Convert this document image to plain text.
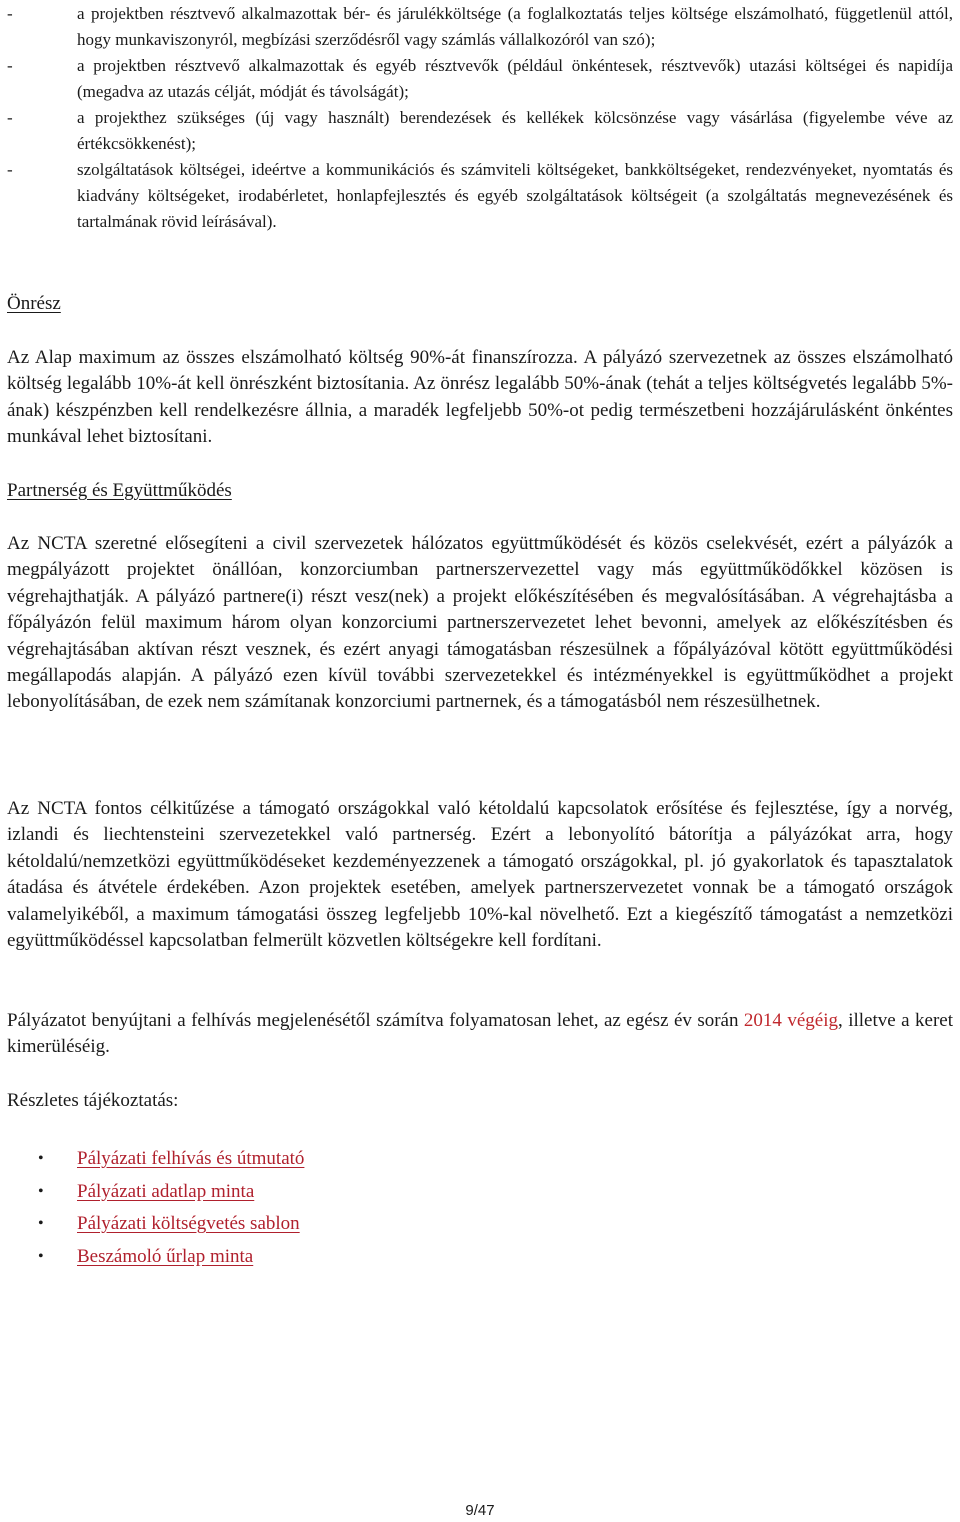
-	a projektben résztvevő alkalmazottak bér- és járulékköltsége (a foglalkoztatás teljes költsége elszámolható, függetlenül attól, hogy munkaviszonyról, megbízási szerződésről vagy számlás vállalkozóról van szó);
-	a projektben résztvevő alkalmazottak és egyéb résztvevők (például önkéntesek, résztvevők) utazási költségei és napidíja (megadva az utazás célját, módját és távolságát);
-	a projekthez szükséges (új vagy használt) berendezések és kellékek kölcsönzése vagy vásárlása (figyelembe véve az értékcsökkenést);
-	szolgáltatások költségei, ideértve a kommunikációs és számviteli költségeket, bankköltségeket, rendezvényeket, nyomtatás és kiadvány költségeket, irodabérletet, honlapfejlesztés és egyéb szolgáltatások költségeit (a szolgáltatás megnevezésének és tartalmának rövid leírásával).
Önrész

Az Alap maximum az összes elszámolható költség 90%-át finanszírozza. A pályázó szervezetnek az összes elszámolható költség legalább 10%-át kell önrészként biztosítania. Az önrész legalább 50%-ának (tehát a teljes költségvetés legalább 5%-ának) készpénzben kell rendelkezésre állnia, a maradék legfeljebb 50%-ot pedig természetbeni hozzájárulásként önkéntes munkával lehet biztosítani.

Partnerség és Együttműködés

Az NCTA szeretné elősegíteni a civil szervezetek hálózatos együttműködését és közös cselekvését, ezért a pályázók a megpályázott projektet önállóan, konzorciumban partnerszervezettel vagy más együttműködőkkel közösen is végrehajthatják. A pályázó partnere(i) részt vesz(nek) a projekt előkészítésében és megvalósításában. A végrehajtásba a főpályázón felül maximum három olyan konzorciumi partnerszervezetet lehet bevonni, amelyek az előkészítésben és végrehajtásában aktívan részt vesznek, és ezért anyagi támogatásban részesülnek a főpályázóval kötött együttműködési megállapodás alapján. A pályázó ezen kívül további szervezetekkel és intézményekkel is együttműködhet a projekt lebonyolításában, de ezek nem számítanak konzorciumi partnernek, és a támogatásból nem részesülhetnek.

Az NCTA fontos célkitűzése a támogató országokkal való kétoldalú kapcsolatok erősítése és fejlesztése, így a norvég, izlandi és liechtensteini szervezetekkel való partnerség. Ezért a lebonyolító bátorítja a pályázókat arra, hogy kétoldalú/nemzetközi együttműködéseket kezdeményezzenek a támogató országokkal, pl. jó gyakorlatok és tapasztalatok átadása és átvétele érdekében. Azon projektek esetében, amelyek partnerszervezetet vonnak be a támogató országok valamelyikéből, a maximum támogatási összeg legfeljebb 10%-kal növelhető. Ezt a kiegészítő támogatást a nemzetközi együttműködéssel kapcsolatban felmerült közvetlen költségekre kell fordítani.

Pályázatot benyújtani a felhívás megjelenésétől számítva folyamatosan lehet, az egész év során 2014 végéig, illetve a keret kimerüléséig.

Részletes tájékoztatás:

• Pályázati felhívás és útmutató
• Pályázati adatlap minta
• Pályázati költségvetés sablon
• Beszámoló űrlap minta
9/47
